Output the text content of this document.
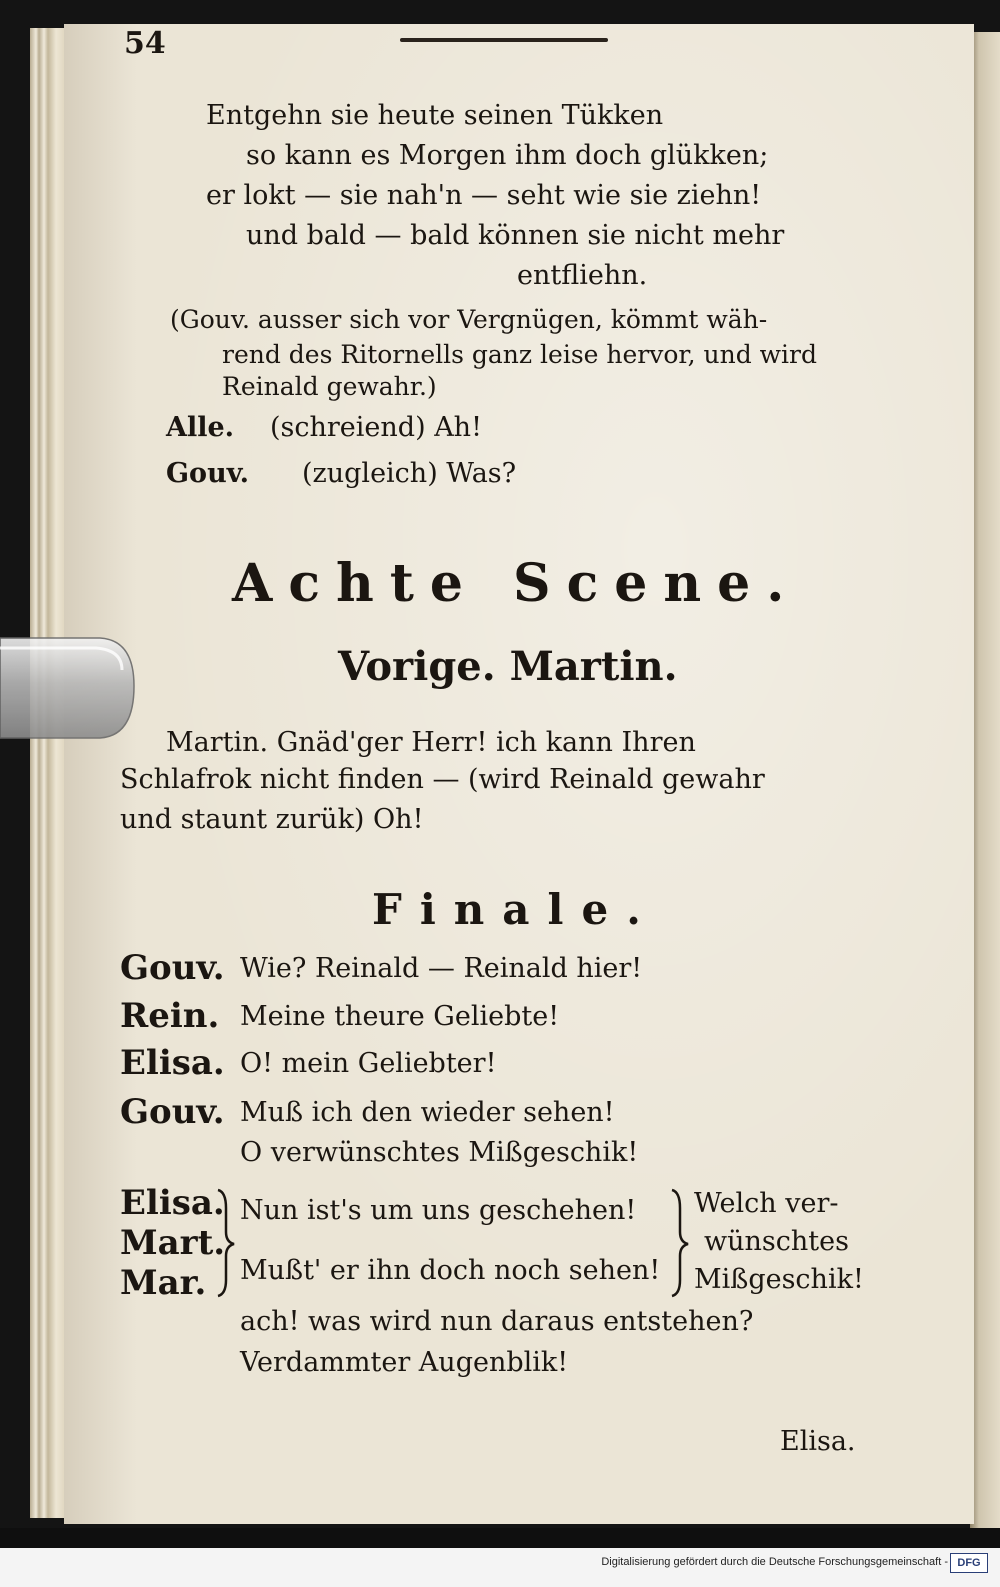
54
Entgehn sie heute seinen Tükken
so kann es Morgen ihm doch glükken;
er lokt — sie nah'n — seht wie sie ziehn!
und bald — bald können sie nicht mehr
entfliehn.
(Gouv. ausser sich vor Vergnügen, kömmt wäh-
rend des Ritornells ganz leise hervor, und wird
Reinald gewahr.)
Alle. (schreiend) Ah!
Gouv. (zugleich) Was?
Achte Scene.
Vorige. Martin.
Martin. Gnäd'ger Herr! ich kann Ihren
Schlafrok nicht finden — (wird Reinald gewahr
und staunt zurük) Oh!
Finale.
Gouv. Wie? Reinald — Reinald hier!
Rein. Meine theure Geliebte!
Elisa. O! mein Geliebter!
Gouv. Muß ich den wieder sehen!
O verwünschtes Mißgeschik!
Elisa.
Mart.
Mar.
Nun ist's um uns geschehen!
Mußt' er ihn doch noch sehen!
Welch ver-
wünschtes
Mißgeschik!
ach! was wird nun daraus entstehen?
Verdammter Augenblik!
Elisa.
Digitalisierung gefördert durch die Deutsche Forschungsgemeinschaft - DFG
